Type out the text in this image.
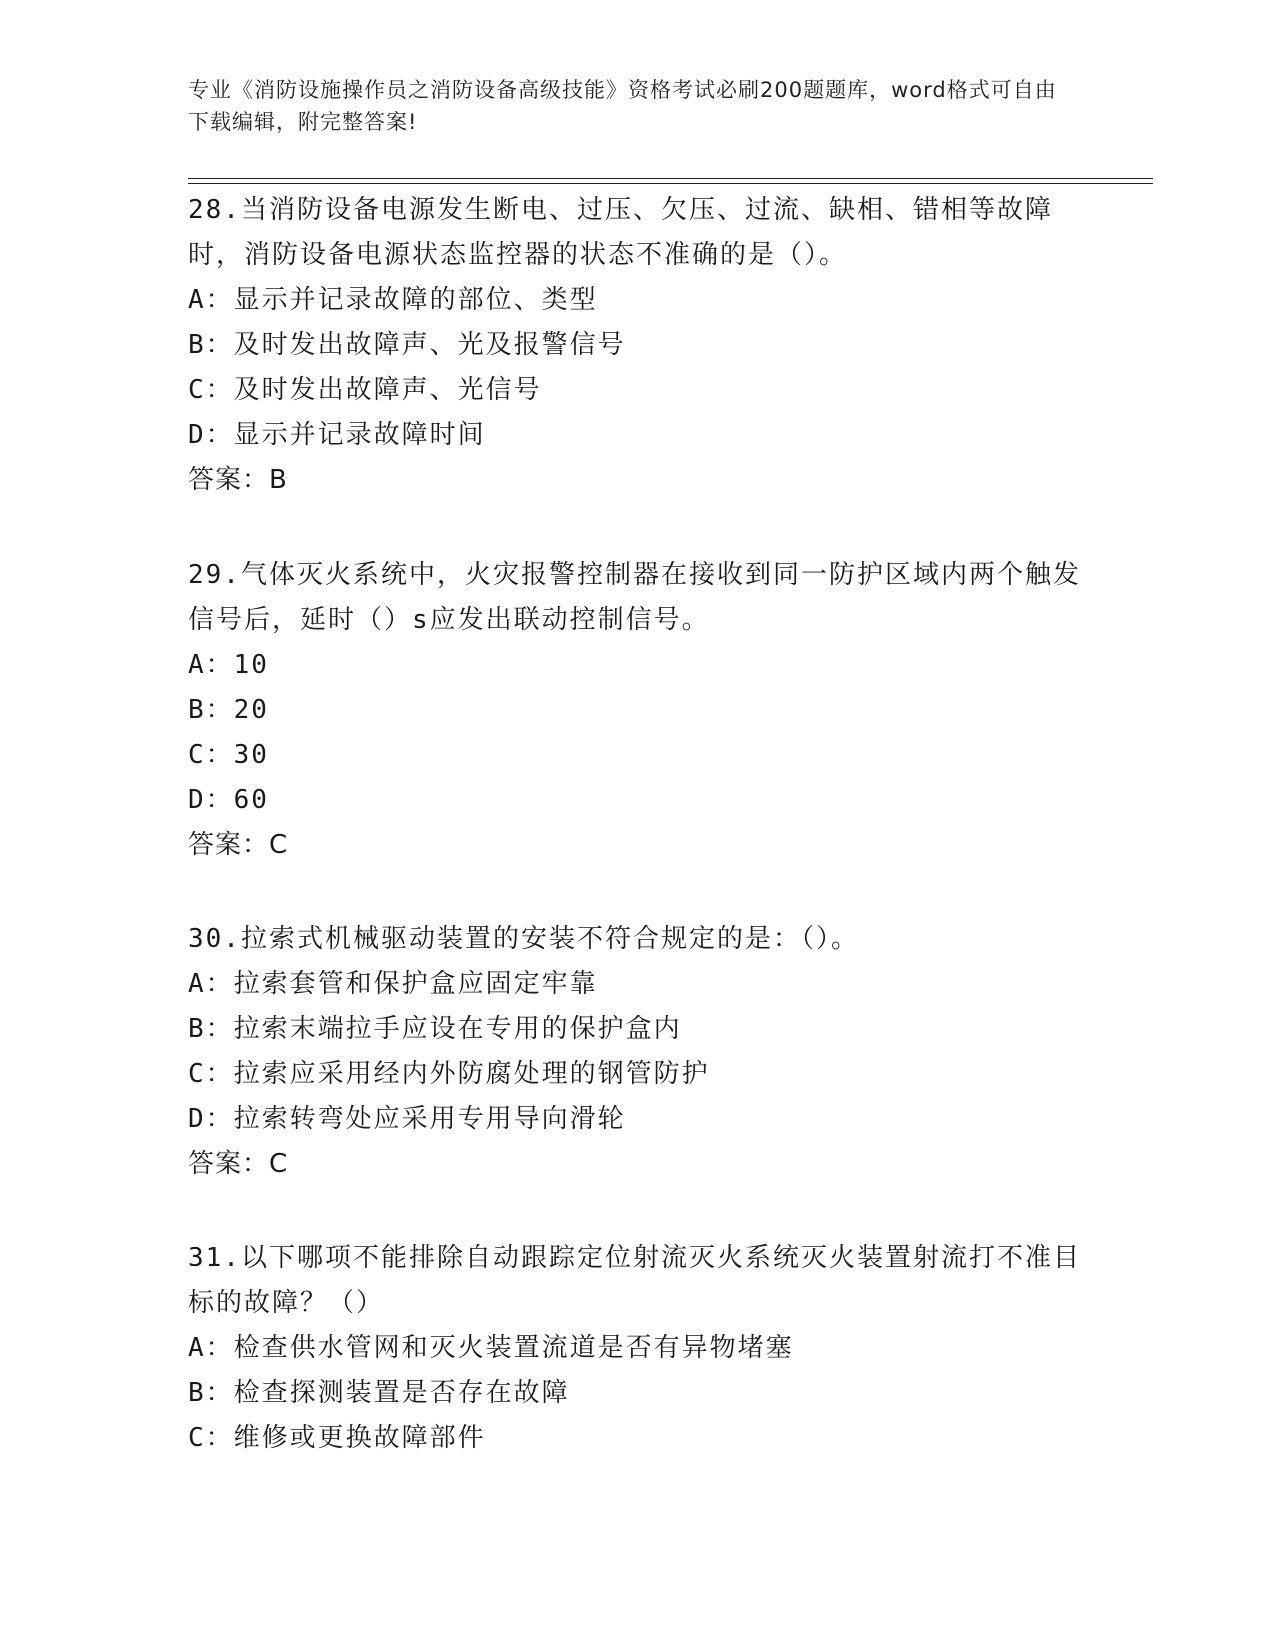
专业《消防设施操作员之消防设备高级技能》资格考试必刷200题题库，word格式可自由下载编辑，附完整答案!

28.当消防设备电源发生断电、过压、欠压、过流、缺相、错相等故障时，消防设备电源状态监控器的状态不准确的是（）。

A：显示并记录故障的部位、类型

B：及时发出故障声、光及报警信号

C：及时发出故障声、光信号

D：显示并记录故障时间

答案：B

29.气体灭火系统中，火灾报警控制器在接收到同一防护区域内两个触发信号后，延时（）s应发出联动控制信号。

A：10

B：20

C：30

D：60

答案：C

30.拉索式机械驱动装置的安装不符合规定的是：（）。

A：拉索套管和保护盒应固定牢靠

B：拉索末端拉手应设在专用的保护盒内

C：拉索应采用经内外防腐处理的钢管防护

D：拉索转弯处应采用专用导向滑轮

答案：C

31.以下哪项不能排除自动跟踪定位射流灭火系统灭火装置射流打不准目标的故障？（）

A：检查供水管网和灭火装置流道是否有异物堵塞

B：检查探测装置是否存在故障

C：维修或更换故障部件
